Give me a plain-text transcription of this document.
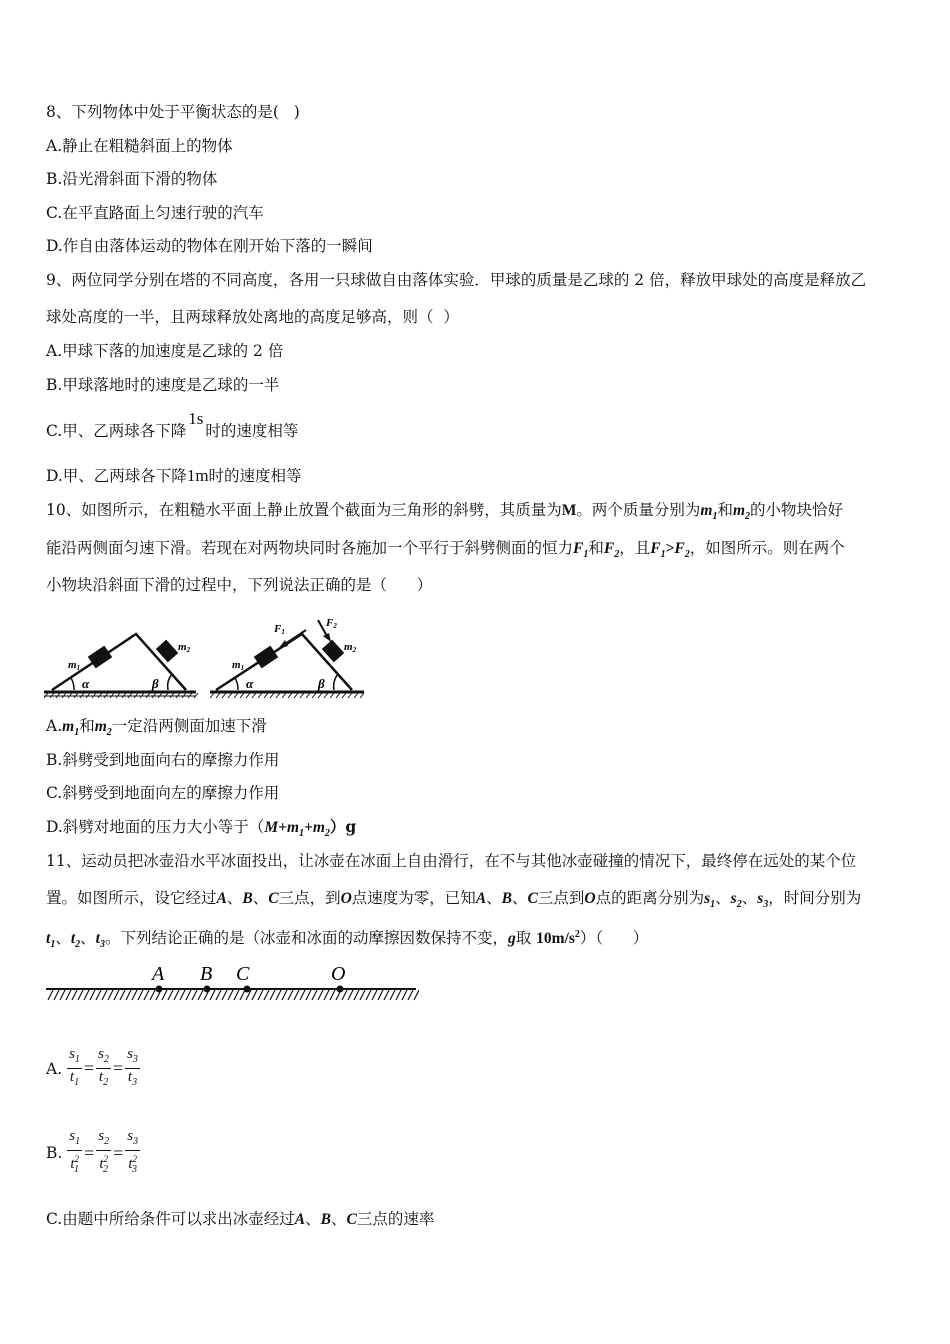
8、下列物体中处于平衡状态的是(   )
A.静止在粗糙斜面上的物体
B.沿光滑斜面下滑的物体
C.在平直路面上匀速行驶的汽车
D.作自由落体运动的物体在刚开始下落的一瞬间
9、两位同学分别在塔的不同高度，各用一只球做自由落体实验．甲球的质量是乙球的 2 倍，释放甲球处的高度是释放乙
球处高度的一半，且两球释放处离地的高度足够高，则（  ）
A.甲球下落的加速度是乙球的 2 倍
B.甲球落地时的速度是乙球的一半
C.甲、乙两球各下降1s时的速度相等
D.甲、乙两球各下降1m时的速度相等
10、如图所示，在粗糙水平面上静止放置个截面为三角形的斜劈，其质量为M。两个质量分别为$m_1$和$m_2$的小物块恰好
能沿两侧面匀速下滑。若现在对两物块同时各施加一个平行于斜劈侧面的恒力$F_1$和$F_2$，且$F_1>F_2$，如图所示。则在两个
小物块沿斜面下滑的过程中，下列说法正确的是（      ）
m1
m2
α	β
m1
F1
F2
m2
α	β
$A.m_1$和$m_2$一定沿两侧面加速下滑
B.斜劈受到地面向右的摩擦力作用
C.斜劈受到地面向左的摩擦力作用
D.斜劈对地面的压力大小等于$(M+m_1+m_2)g$
11、运动员把冰壶沿水平冰面投出，让冰壶在冰面上自由滑行，在不与其他冰壶碰撞的情况下，最终停在远处的某个位
置。如图所示，设它经过A、B、C三点，到O点速度为零，已知A、B、C三点到O点的距离分别为$s_1$、$s_2$、$s_3$，时间分别为
$t_1$、$t_2$、$t_3$。下列结论正确的是（冰壶和冰面的动摩擦因数保持不变，g取 $10m/s^2$）（      ）
A B C	O
A. $\frac{s_1}{t_1} = \frac{s_2}{t_2} = \frac{s_3}{t_3}$
B. $\frac{s_1}{t^2_1} = \frac{s_2}{t^2_2} = \frac{s_3}{t^2_3}$
C.由题中所给条件可以求出冰壶经过A、B、C三点的速率
